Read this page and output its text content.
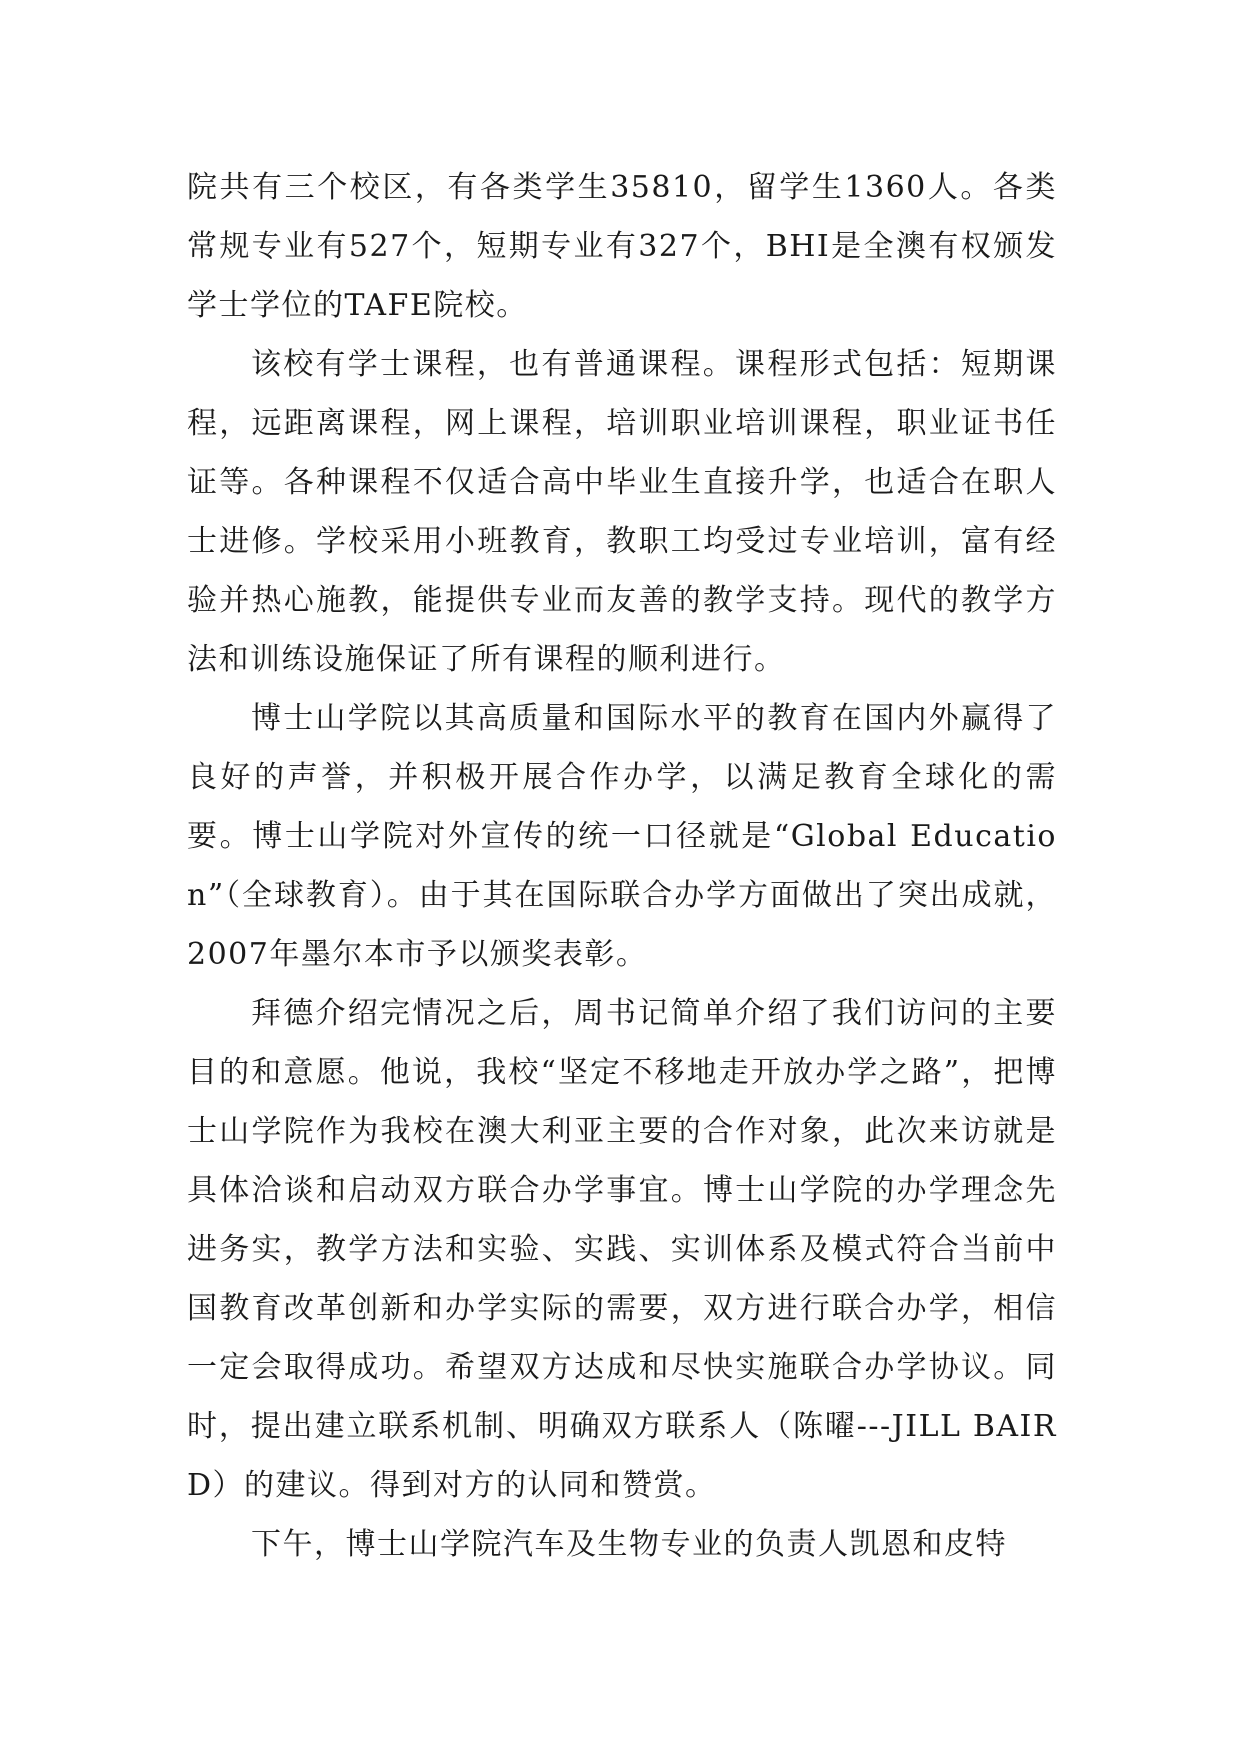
院共有三个校区，有各类学生35810，留学生1360人。各类常规专业有527个，短期专业有327个，BHI是全澳有权颁发学士学位的TAFE院校。

该校有学士课程，也有普通课程。课程形式包括：短期课程，远距离课程，网上课程，培训职业培训课程，职业证书任证等。各种课程不仅适合高中毕业生直接升学，也适合在职人士进修。学校采用小班教育，教职工均受过专业培训，富有经验并热心施教，能提供专业而友善的教学支持。现代的教学方法和训练设施保证了所有课程的顺利进行。

博士山学院以其高质量和国际水平的教育在国内外赢得了良好的声誉，并积极开展合作办学，以满足教育全球化的需要。博士山学院对外宣传的统一口径就是“Global Education”（全球教育）。由于其在国际联合办学方面做出了突出成就，2007年墨尔本市予以颁奖表彰。

拜德介绍完情况之后，周书记简单介绍了我们访问的主要目的和意愿。他说，我校“坚定不移地走开放办学之路”，把博士山学院作为我校在澳大利亚主要的合作对象，此次来访就是具体洽谈和启动双方联合办学事宜。博士山学院的办学理念先进务实，教学方法和实验、实践、实训体系及模式符合当前中国教育改革创新和办学实际的需要，双方进行联合办学，相信一定会取得成功。希望双方达成和尽快实施联合办学协议。同时，提出建立联系机制、明确双方联系人（陈曜---JILL BAIRD）的建议。得到对方的认同和赞赏。

下午，博士山学院汽车及生物专业的负责人凯恩和皮特
